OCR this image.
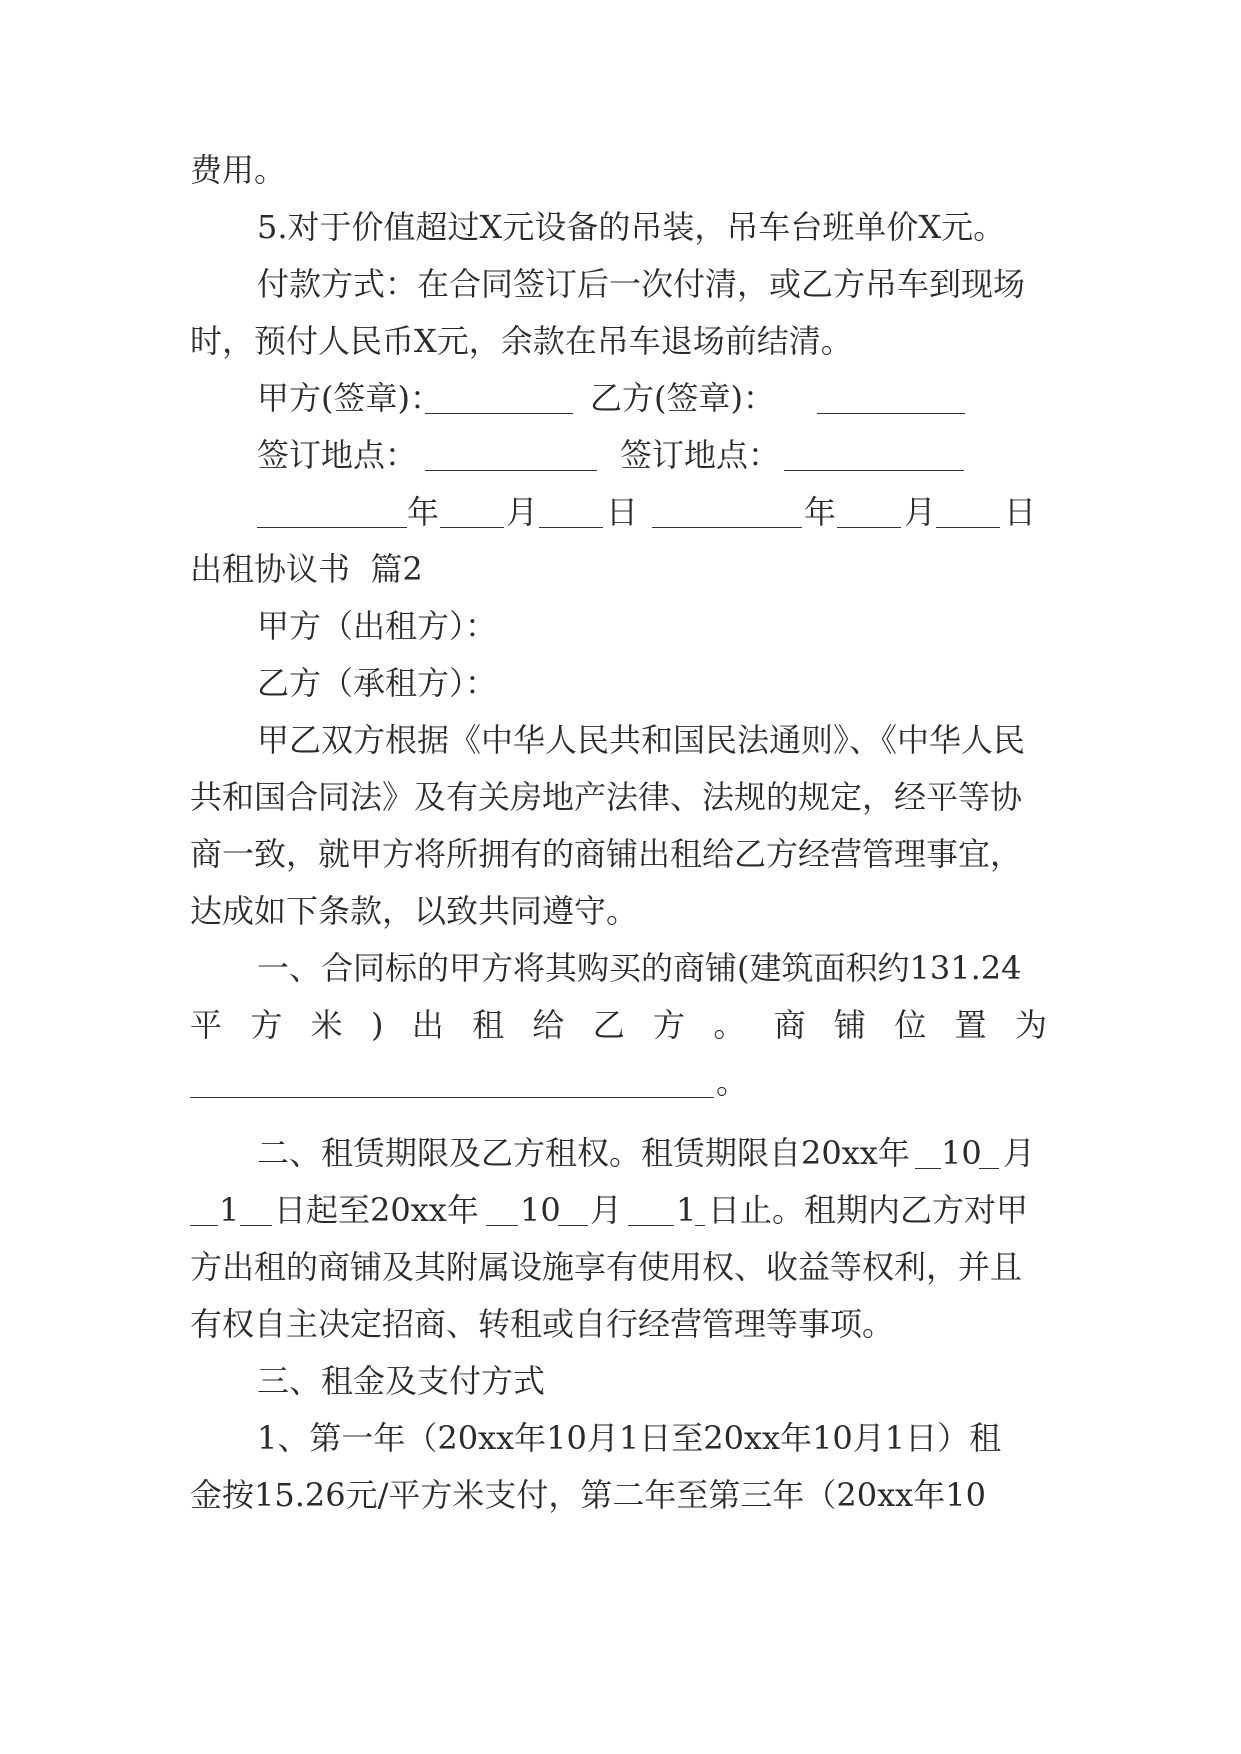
费用。
5.对于价值超过X元设备的吊装，吊车台班单价X元。
付款方式：在合同签订后一次付清，或乙方吊车到现场
时，预付人民币X元，余款在吊车退场前结清。
甲方(签章)：	乙方(签章)：
签订地点：	签订地点：
年 月 日	年 月 日
出租协议书  篇2
甲方（出租方）：
乙方（承租方）：
甲乙双方根据《中华人民共和国民法通则》、《中华人民
共和国合同法》及有关房地产法律、法规的规定，经平等协
商一致，就甲方将所拥有的商铺出租给乙方经营管理事宜，
达成如下条款，以致共同遵守。
一、合同标的甲方将其购买的商铺(建筑面积约131.24
平方米)出租给乙方。商铺位置为
。
二、租赁期限及乙方租权。租赁期限自20xx年 10 月
1 日起至20xx年 10 月 1 日止。租期内乙方对甲
方出租的商铺及其附属设施享有使用权、收益等权利，并且
有权自主决定招商、转租或自行经营管理等事项。
三、租金及支付方式
1、第一年（20xx年10月1日至20xx年10月1日）租
金按15.26元/平方米支付，第二年至第三年（20xx年10
